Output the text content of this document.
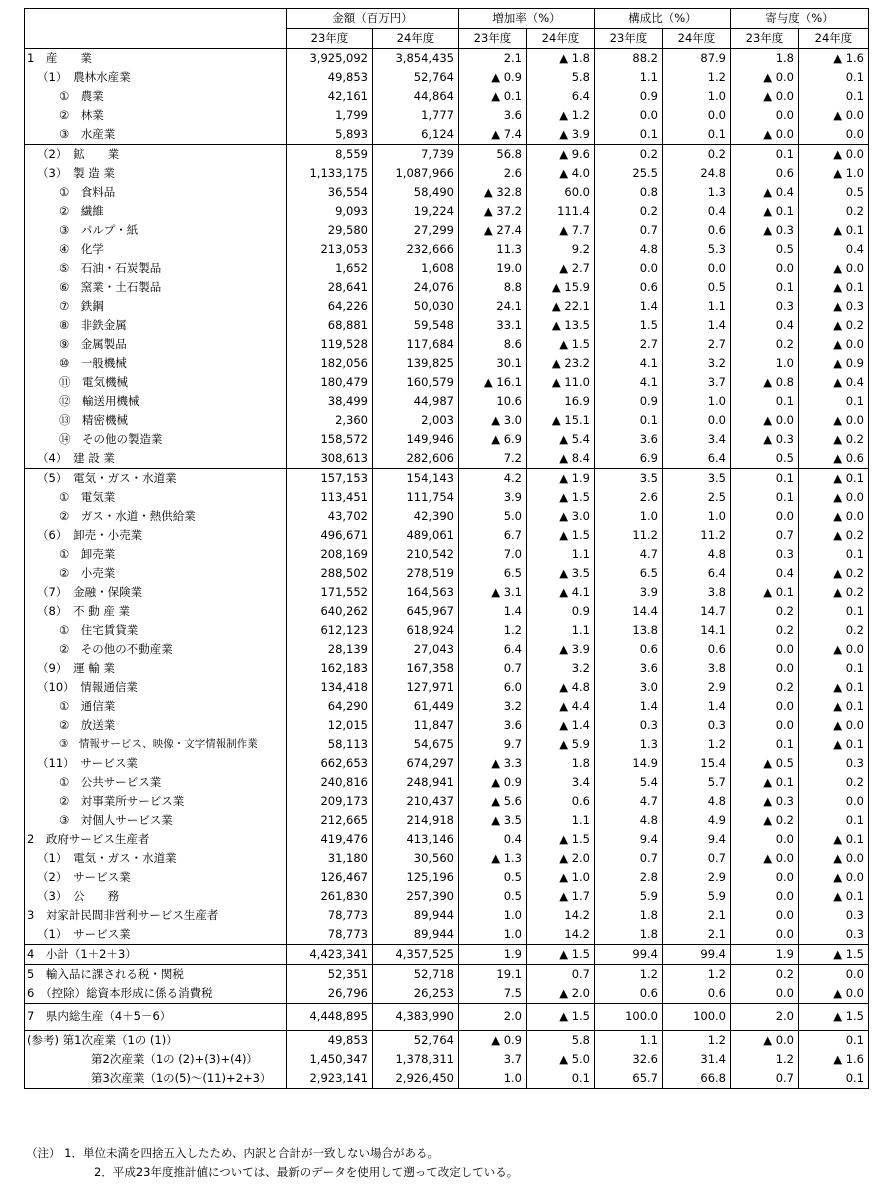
	金額（百万円）		増加率（%）		構成比（%）		寄与度（%）	
	23年度	24年度	23年度	24年度	23年度	24年度	23年度	24年度
1　産　　業	3,925,092	3,854,435	2.1	▲ 1.8	88.2	87.9	1.8	▲ 1.6
（1）　農林水産業	49,853	52,764	▲ 0.9	5.8	1.1	1.2	▲ 0.0	0.1
①　農業	42,161	44,864	▲ 0.1	6.4	0.9	1.0	▲ 0.0	0.1
②　林業	1,799	1,777	3.6	▲ 1.2	0.0	0.0	0.0	▲ 0.0
③　水産業	5,893	6,124	▲ 7.4	▲ 3.9	0.1	0.1	▲ 0.0	0.0
（2）　鉱　　業	8,559	7,739	56.8	▲ 9.6	0.2	0.2	0.1	▲ 0.0
（3）　製 造 業	1,133,175	1,087,966	2.6	▲ 4.0	25.5	24.8	0.6	▲ 1.0
①　食料品	36,554	58,490	▲ 32.8	60.0	0.8	1.3	▲ 0.4	0.5
②　繊維	9,093	19,224	▲ 37.2	111.4	0.2	0.4	▲ 0.1	0.2
③　パルプ・紙	29,580	27,299	▲ 27.4	▲ 7.7	0.7	0.6	▲ 0.3	▲ 0.1
④　化学	213,053	232,666	11.3	9.2	4.8	5.3	0.5	0.4
⑤　石油・石炭製品	1,652	1,608	19.0	▲ 2.7	0.0	0.0	0.0	▲ 0.0
⑥　窯業・土石製品	28,641	24,076	8.8	▲ 15.9	0.6	0.5	0.1	▲ 0.1
⑦　鉄鋼	64,226	50,030	24.1	▲ 22.1	1.4	1.1	0.3	▲ 0.3
⑧　非鉄金属	68,881	59,548	33.1	▲ 13.5	1.5	1.4	0.4	▲ 0.2
⑨　金属製品	119,528	117,684	8.6	▲ 1.5	2.7	2.7	0.2	▲ 0.0
⑩　一般機械	182,056	139,825	30.1	▲ 23.2	4.1	3.2	1.0	▲ 0.9
⑪　電気機械	180,479	160,579	▲ 16.1	▲ 11.0	4.1	3.7	▲ 0.8	▲ 0.4
⑫　輸送用機械	38,499	44,987	10.6	16.9	0.9	1.0	0.1	0.1
⑬　精密機械	2,360	2,003	▲ 3.0	▲ 15.1	0.1	0.0	▲ 0.0	▲ 0.0
⑭　その他の製造業	158,572	149,946	▲ 6.9	▲ 5.4	3.6	3.4	▲ 0.3	▲ 0.2
（4）　建 設 業	308,613	282,606	7.2	▲ 8.4	6.9	6.4	0.5	▲ 0.6
（5）　電気・ガス・水道業	157,153	154,143	4.2	▲ 1.9	3.5	3.5	0.1	▲ 0.1
①　電気業	113,451	111,754	3.9	▲ 1.5	2.6	2.5	0.1	▲ 0.0
②　ガス・水道・熱供給業	43,702	42,390	5.0	▲ 3.0	1.0	1.0	0.0	▲ 0.0
（6）　卸売・小売業	496,671	489,061	6.7	▲ 1.5	11.2	11.2	0.7	▲ 0.2
①　卸売業	208,169	210,542	7.0	1.1	4.7	4.8	0.3	0.1
②　小売業	288,502	278,519	6.5	▲ 3.5	6.5	6.4	0.4	▲ 0.2
（7）　金融・保険業	171,552	164,563	▲ 3.1	▲ 4.1	3.9	3.8	▲ 0.1	▲ 0.2
（8）　不 動 産 業	640,262	645,967	1.4	0.9	14.4	14.7	0.2	0.1
①　住宅賃貸業	612,123	618,924	1.2	1.1	13.8	14.1	0.2	0.2
②　その他の不動産業	28,139	27,043	6.4	▲ 3.9	0.6	0.6	0.0	▲ 0.0
（9）　運 輸 業	162,183	167,358	0.7	3.2	3.6	3.8	0.0	0.1
（10）　情報通信業	134,418	127,971	6.0	▲ 4.8	3.0	2.9	0.2	▲ 0.1
①　通信業	64,290	61,449	3.2	▲ 4.4	1.4	1.4	0.0	▲ 0.1
②　放送業	12,015	11,847	3.6	▲ 1.4	0.3	0.3	0.0	▲ 0.0
③　情報サービス、映像・文字情報制作業	58,113	54,675	9.7	▲ 5.9	1.3	1.2	0.1	▲ 0.1
（11）　サービス業	662,653	674,297	▲ 3.3	1.8	14.9	15.4	▲ 0.5	0.3
①　公共サービス業	240,816	248,941	▲ 0.9	3.4	5.4	5.7	▲ 0.1	0.2
②　対事業所サービス業	209,173	210,437	▲ 5.6	0.6	4.7	4.8	▲ 0.3	0.0
③　対個人サービス業	212,665	214,918	▲ 3.5	1.1	4.8	4.9	▲ 0.2	0.1
2　政府サービス生産者	419,476	413,146	0.4	▲ 1.5	9.4	9.4	0.0	▲ 0.1
（1）　電気・ガス・水道業	31,180	30,560	▲ 1.3	▲ 2.0	0.7	0.7	▲ 0.0	▲ 0.0
（2）　サービス業	126,467	125,196	0.5	▲ 1.0	2.8	2.9	0.0	▲ 0.0
（3）　公　　務	261,830	257,390	0.5	▲ 1.7	5.9	5.9	0.0	▲ 0.1
3　対家計民間非営利サービス生産者	78,773	89,944	1.0	14.2	1.8	2.1	0.0	0.3
（1）　サービス業	78,773	89,944	1.0	14.2	1.8	2.1	0.0	0.3
4　小計（1＋2＋3）	4,423,341	4,357,525	1.9	▲ 1.5	99.4	99.4	1.9	▲ 1.5
5　輸入品に課される税・関税	52,351	52,718	19.1	0.7	1.2	1.2	0.2	0.0
6　（控除）総資本形成に係る消費税	26,796	26,253	7.5	▲ 2.0	0.6	0.6	0.0	▲ 0.0
7　県内総生産（4＋5－6）	4,448,895	4,383,990	2.0	▲ 1.5	100.0	100.0	2.0	▲ 1.5
(参考) 第1次産業（1の (1)）	49,853	52,764	▲ 0.9	5.8	1.1	1.2	▲ 0.0	0.1
第2次産業（1の (2)+(3)+(4)）	1,450,347	1,378,311	3.7	▲ 5.0	32.6	31.4	1.2	▲ 1.6
第3次産業（1の(5)～(11)+2+3）	2,923,141	2,926,450	1.0	0.1	65.7	66.8	0.7	0.1
（注） 1．単位未満を四捨五入したため、内訳と合計が一致しない場合がある。
2．平成23年度推計値については、最新のデータを使用して遡って改定している。
